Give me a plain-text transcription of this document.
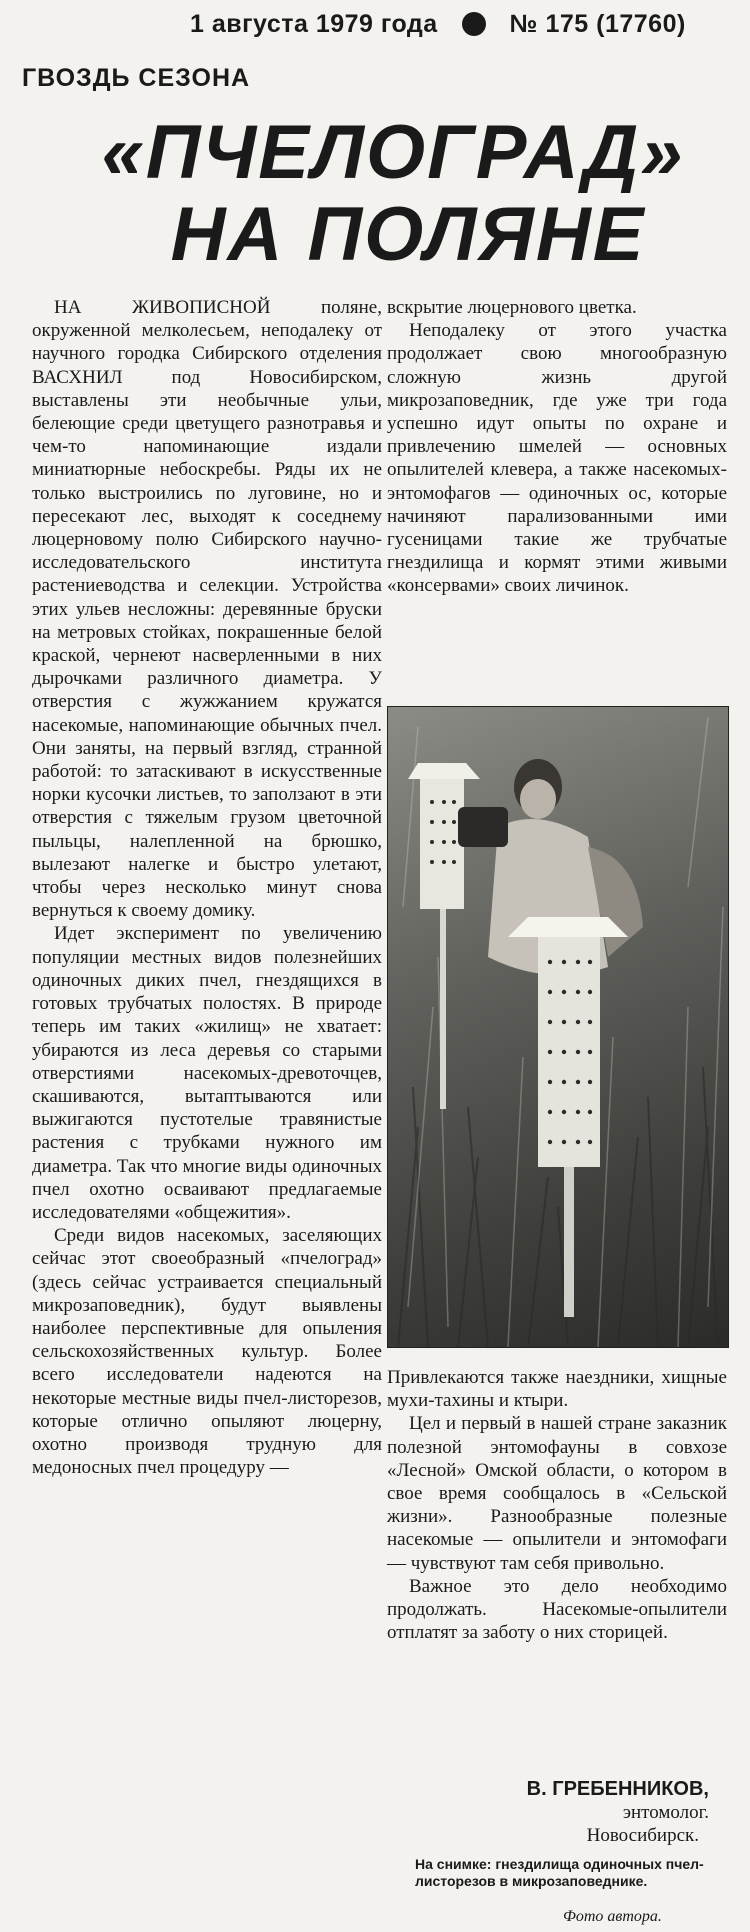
1 августа 1979 года	№ 175 (17760)
ГВОЗДЬ СЕЗОНА
«ПЧЕЛОГРАД»
НА ПОЛЯНЕ

НА ЖИВОПИСНОЙ поляне, окруженной мелколесьем, неподалеку от научного городка Сибирского отделения ВАСХНИЛ под Новосибирском, выставлены эти необычные ульи, белеющие среди цветущего разнотравья и чем-то напоминающие издали миниатюрные небоскребы. Ряды их не только выстроились по луговине, но и пересекают лес, выходят к соседнему люцерновому полю Сибирского научно-исследовательского института растениеводства и селекции. Устройства этих ульев несложны: деревянные бруски на метровых стойках, покрашенные белой краской, чернеют насверленными в них дырочками различного диаметра. У отверстия с жужжанием кружатся насекомые, напоминающие обычных пчел. Они заняты, на первый взгляд, странной работой: то затаскивают в искусственные норки кусочки листьев, то заползают в эти отверстия с тяжелым грузом цветочной пыльцы, налепленной на брюшко, вылезают налегке и быстро улетают, чтобы через несколько минут снова вернуться к своему домику.

Идет эксперимент по увеличению популяции местных видов полезнейших одиночных диких пчел, гнездящихся в готовых трубчатых полостях. В природе теперь им таких «жилищ» не хватает: убираются из леса деревья со старыми отверстиями насекомых-древоточцев, скашиваются, вытаптываются или выжигаются пустотелые травянистые растения с трубками нужного им диаметра. Так что многие виды одиночных пчел охотно осваивают предлагаемые исследователями «общежития».

Среди видов насекомых, заселяющих сейчас этот своеобразный «пчелоград» (здесь сейчас устраивается специальный микрозаповедник), будут выявлены наиболее перспективные для опыления сельскохозяйственных культур. Более всего исследователи надеются на некоторые местные виды пчел-листорезов, которые отлично опыляют люцерну, охотно производя трудную для медоносных пчел процедуру —

вскрытие люцернового цветка.

Неподалеку от этого участка продолжает свою многообразную сложную жизнь другой микрозаповедник, где уже три года успешно идут опыты по охране и привлечению шмелей — основных опылителей клевера, а также насекомых-энтомофагов — одиночных ос, которые начиняют парализованными ими гусеницами такие же трубчатые гнездилища и кормят этими живыми «консервами» своих личинок.

Привлекаются также наездники, хищные мухи-тахины и ктыри.

Цел и первый в нашей стране заказник полезной энтомофауны в совхозе «Лесной» Омской области, о котором в свое время сообщалось в «Сельской жизни». Разнообразные полезные насекомые — опылители и энтомофаги — чувствуют там себя привольно.

Важное это дело необходимо продолжать. Насекомые-опылители отплатят за заботу о них сторицей.

В. ГРЕБЕННИКОВ,
энтомолог.
Новосибирск.
На снимке: гнездилища одиночных пчел-листорезов в микрозаповеднике.
Фото автора.
